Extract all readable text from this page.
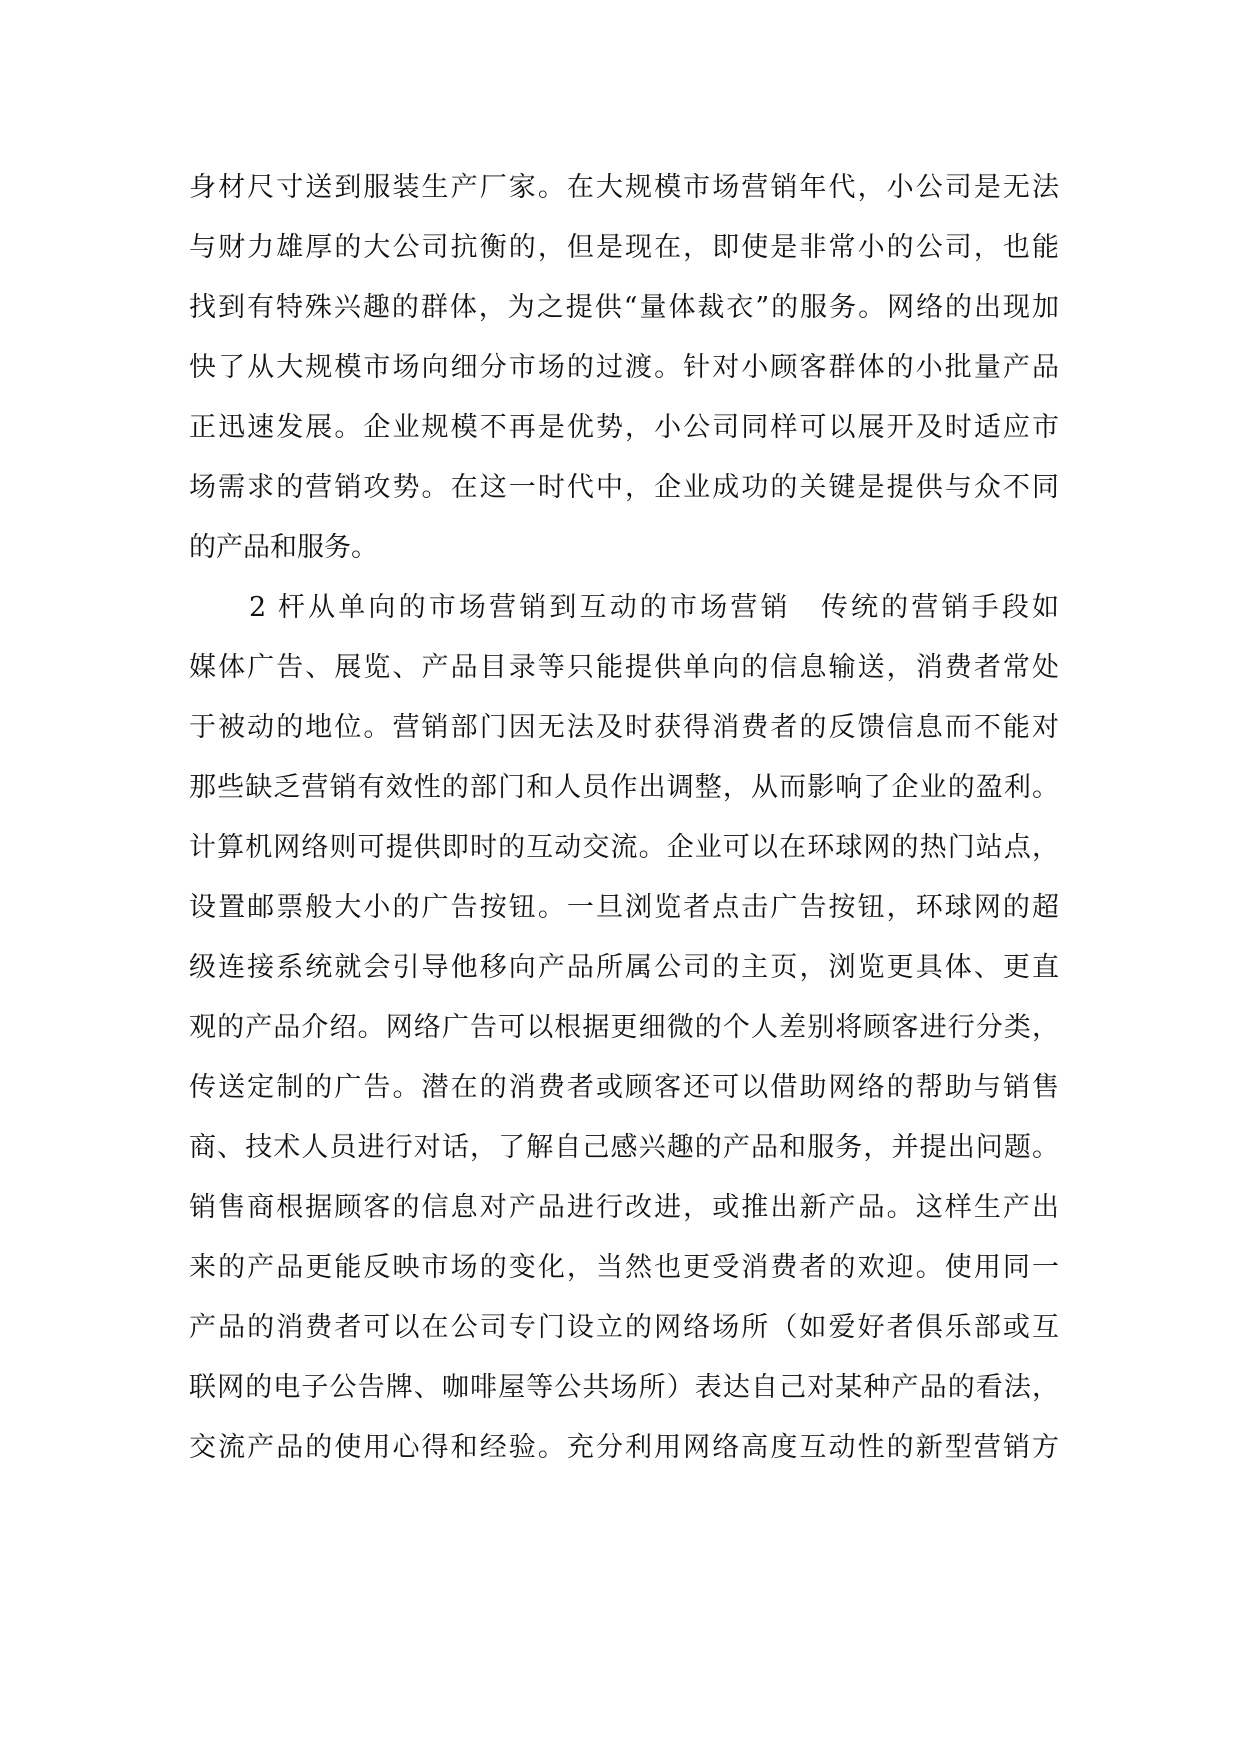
身材尺寸送到服装生产厂家。在大规模市场营销年代，小公司是无法
与财力雄厚的大公司抗衡的，但是现在，即使是非常小的公司，也能
找到有特殊兴趣的群体，为之提供“量体裁衣”的服务。网络的出现加
快了从大规模市场向细分市场的过渡。针对小顾客群体的小批量产品
正迅速发展。企业规模不再是优势，小公司同样可以展开及时适应市
场需求的营销攻势。在这一时代中，企业成功的关键是提供与众不同
的产品和服务。
2 杆从单向的市场营销到互动的市场营销　传统的营销手段如
媒体广告、展览、产品目录等只能提供单向的信息输送，消费者常处
于被动的地位。营销部门因无法及时获得消费者的反馈信息而不能对
那些缺乏营销有效性的部门和人员作出调整，从而影响了企业的盈利。
计算机网络则可提供即时的互动交流。企业可以在环球网的热门站点，
设置邮票般大小的广告按钮。一旦浏览者点击广告按钮，环球网的超
级连接系统就会引导他移向产品所属公司的主页，浏览更具体、更直
观的产品介绍。网络广告可以根据更细微的个人差别将顾客进行分类，
传送定制的广告。潜在的消费者或顾客还可以借助网络的帮助与销售
商、技术人员进行对话，了解自己感兴趣的产品和服务，并提出问题。
销售商根据顾客的信息对产品进行改进，或推出新产品。这样生产出
来的产品更能反映市场的变化，当然也更受消费者的欢迎。使用同一
产品的消费者可以在公司专门设立的网络场所（如爱好者俱乐部或互
联网的电子公告牌、咖啡屋等公共场所）表达自己对某种产品的看法，
交流产品的使用心得和经验。充分利用网络高度互动性的新型营销方
